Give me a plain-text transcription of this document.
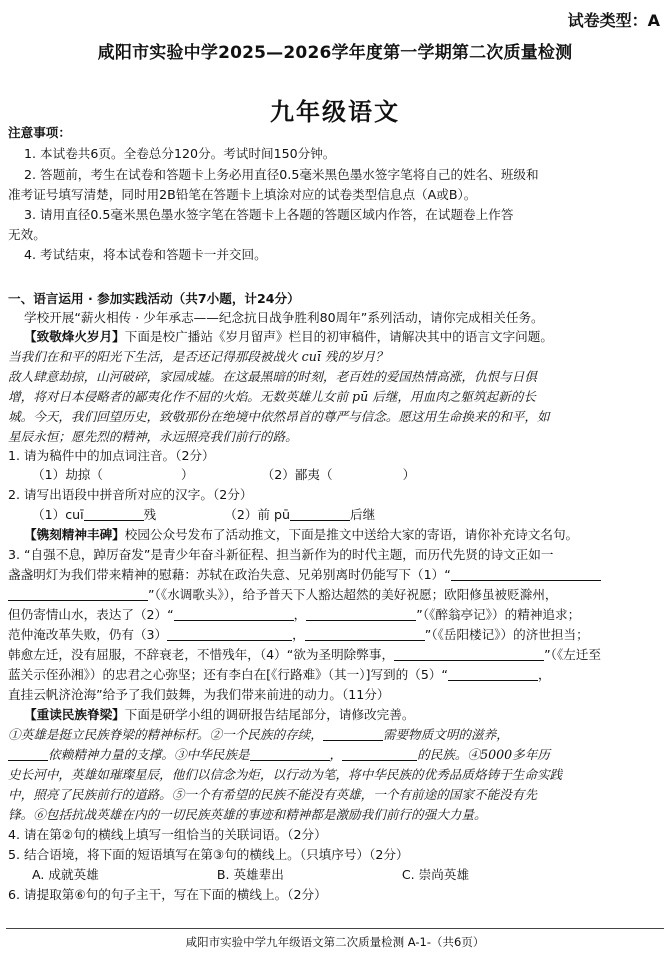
试卷类型：A
咸阳市实验中学2025—2026学年度第一学期第二次质量检测
九年级语文
注意事项：
1. 本试卷共6页。全卷总分120分。考试时间150分钟。
2. 答题前，考生在试卷和答题卡上务必用直径0.5毫米黑色墨水签字笔将自己的姓名、班级和
准考证号填写清楚，同时用2B铅笔在答题卡上填涂对应的试卷类型信息点（A或B）。
3. 请用直径0.5毫米黑色墨水签字笔在答题卡上各题的答题区域内作答，在试题卷上作答
无效。
4. 考试结束，将本试卷和答题卡一并交回。
一、语言运用 · 参加实践活动（共7小题，计24分）
学校开展“薪火相传 · 少年承志——纪念抗日战争胜利80周年”系列活动，请你完成相关任务。
【致敬烽火岁月】下面是校广播站《岁月留声》栏目的初审稿件，请解决其中的语言文字问题。
当我们在和平的阳光下生活，是否还记得那段被战火 cuī 残的岁月？
敌人肆意劫掠，山河破碎，家园成墟。在这最黑暗的时刻，老百姓的爱国热情高涨，仇恨与日俱
增，将对日本侵略者的鄙夷化作不屈的火焰。无数英雄儿女前 pū 后继，用血肉之躯筑起新的长
城。今天，我们回望历史，致敬那份在绝境中依然昂首的尊严与信念。愿这用生命换来的和平，如
星辰永恒；愿先烈的精神，永远照亮我们前行的路。
1. 请为稿件中的加点词注音。（2分）
（1）劫掠（	）	（2）鄙夷（	）
2. 请写出语段中拼音所对应的汉字。（2分）
（1）cuī	残	（2）前 pū	后继
【镌刻精神丰碑】校园公众号发布了活动推文，下面是推文中送给大家的寄语，请你补充诗文名句。
3. “自强不息，踔厉奋发”是青少年奋斗新征程、担当新作为的时代主题，而历代先贤的诗文正如一
盏盏明灯为我们带来精神的慰藉：苏轼在政治失意、兄弟别离时仍能写下（1）“
”（《水调歌头》），给予普天下人豁达超然的美好祝愿；欧阳修虽被贬滁州，
但仍寄情山水，表达了（2）“	，	”（《醉翁亭记》）的精神追求；
范仲淹改革失败，仍有（3）	，	”（《岳阳楼记》）的济世担当；
韩愈左迁，没有屈服，不辞衰老，不惜残年，（4）“欲为圣明除弊事，	”（《左迁至
蓝关示侄孙湘》）的忠君之心弥坚；还有李白在[《行路难》（其一）]写到的（5）“	，
直挂云帆济沧海”给予了我们鼓舞，为我们带来前进的动力。（11分）
【重读民族脊梁】下面是研学小组的调研报告结尾部分，请修改完善。
①英雄是挺立民族脊梁的精神标杆。②一个民族的存续，	需要物质文明的滋养，
依赖精神力量的支撑。③中华民族是	，	的民族。④5000多年历
史长河中，英雄如璀璨星辰，他们以信念为炬，以行动为笔，将中华民族的优秀品质烙铸于生命实践
中，照亮了民族前行的道路。⑤一个有希望的民族不能没有英雄，一个有前途的国家不能没有先
锋。⑥包括抗战英雄在内的一切民族英雄的事迹和精神都是激励我们前行的强大力量。
4. 请在第②句的横线上填写一组恰当的关联词语。（2分）
5. 结合语境，将下面的短语填写在第③句的横线上。（只填序号）（2分）
A. 成就英雄	B. 英雄辈出	C. 崇尚英雄
6. 请提取第⑥句的句子主干，写在下面的横线上。（2分）
咸阳市实验中学九年级语文第二次质量检测 A-1-（共6页）
